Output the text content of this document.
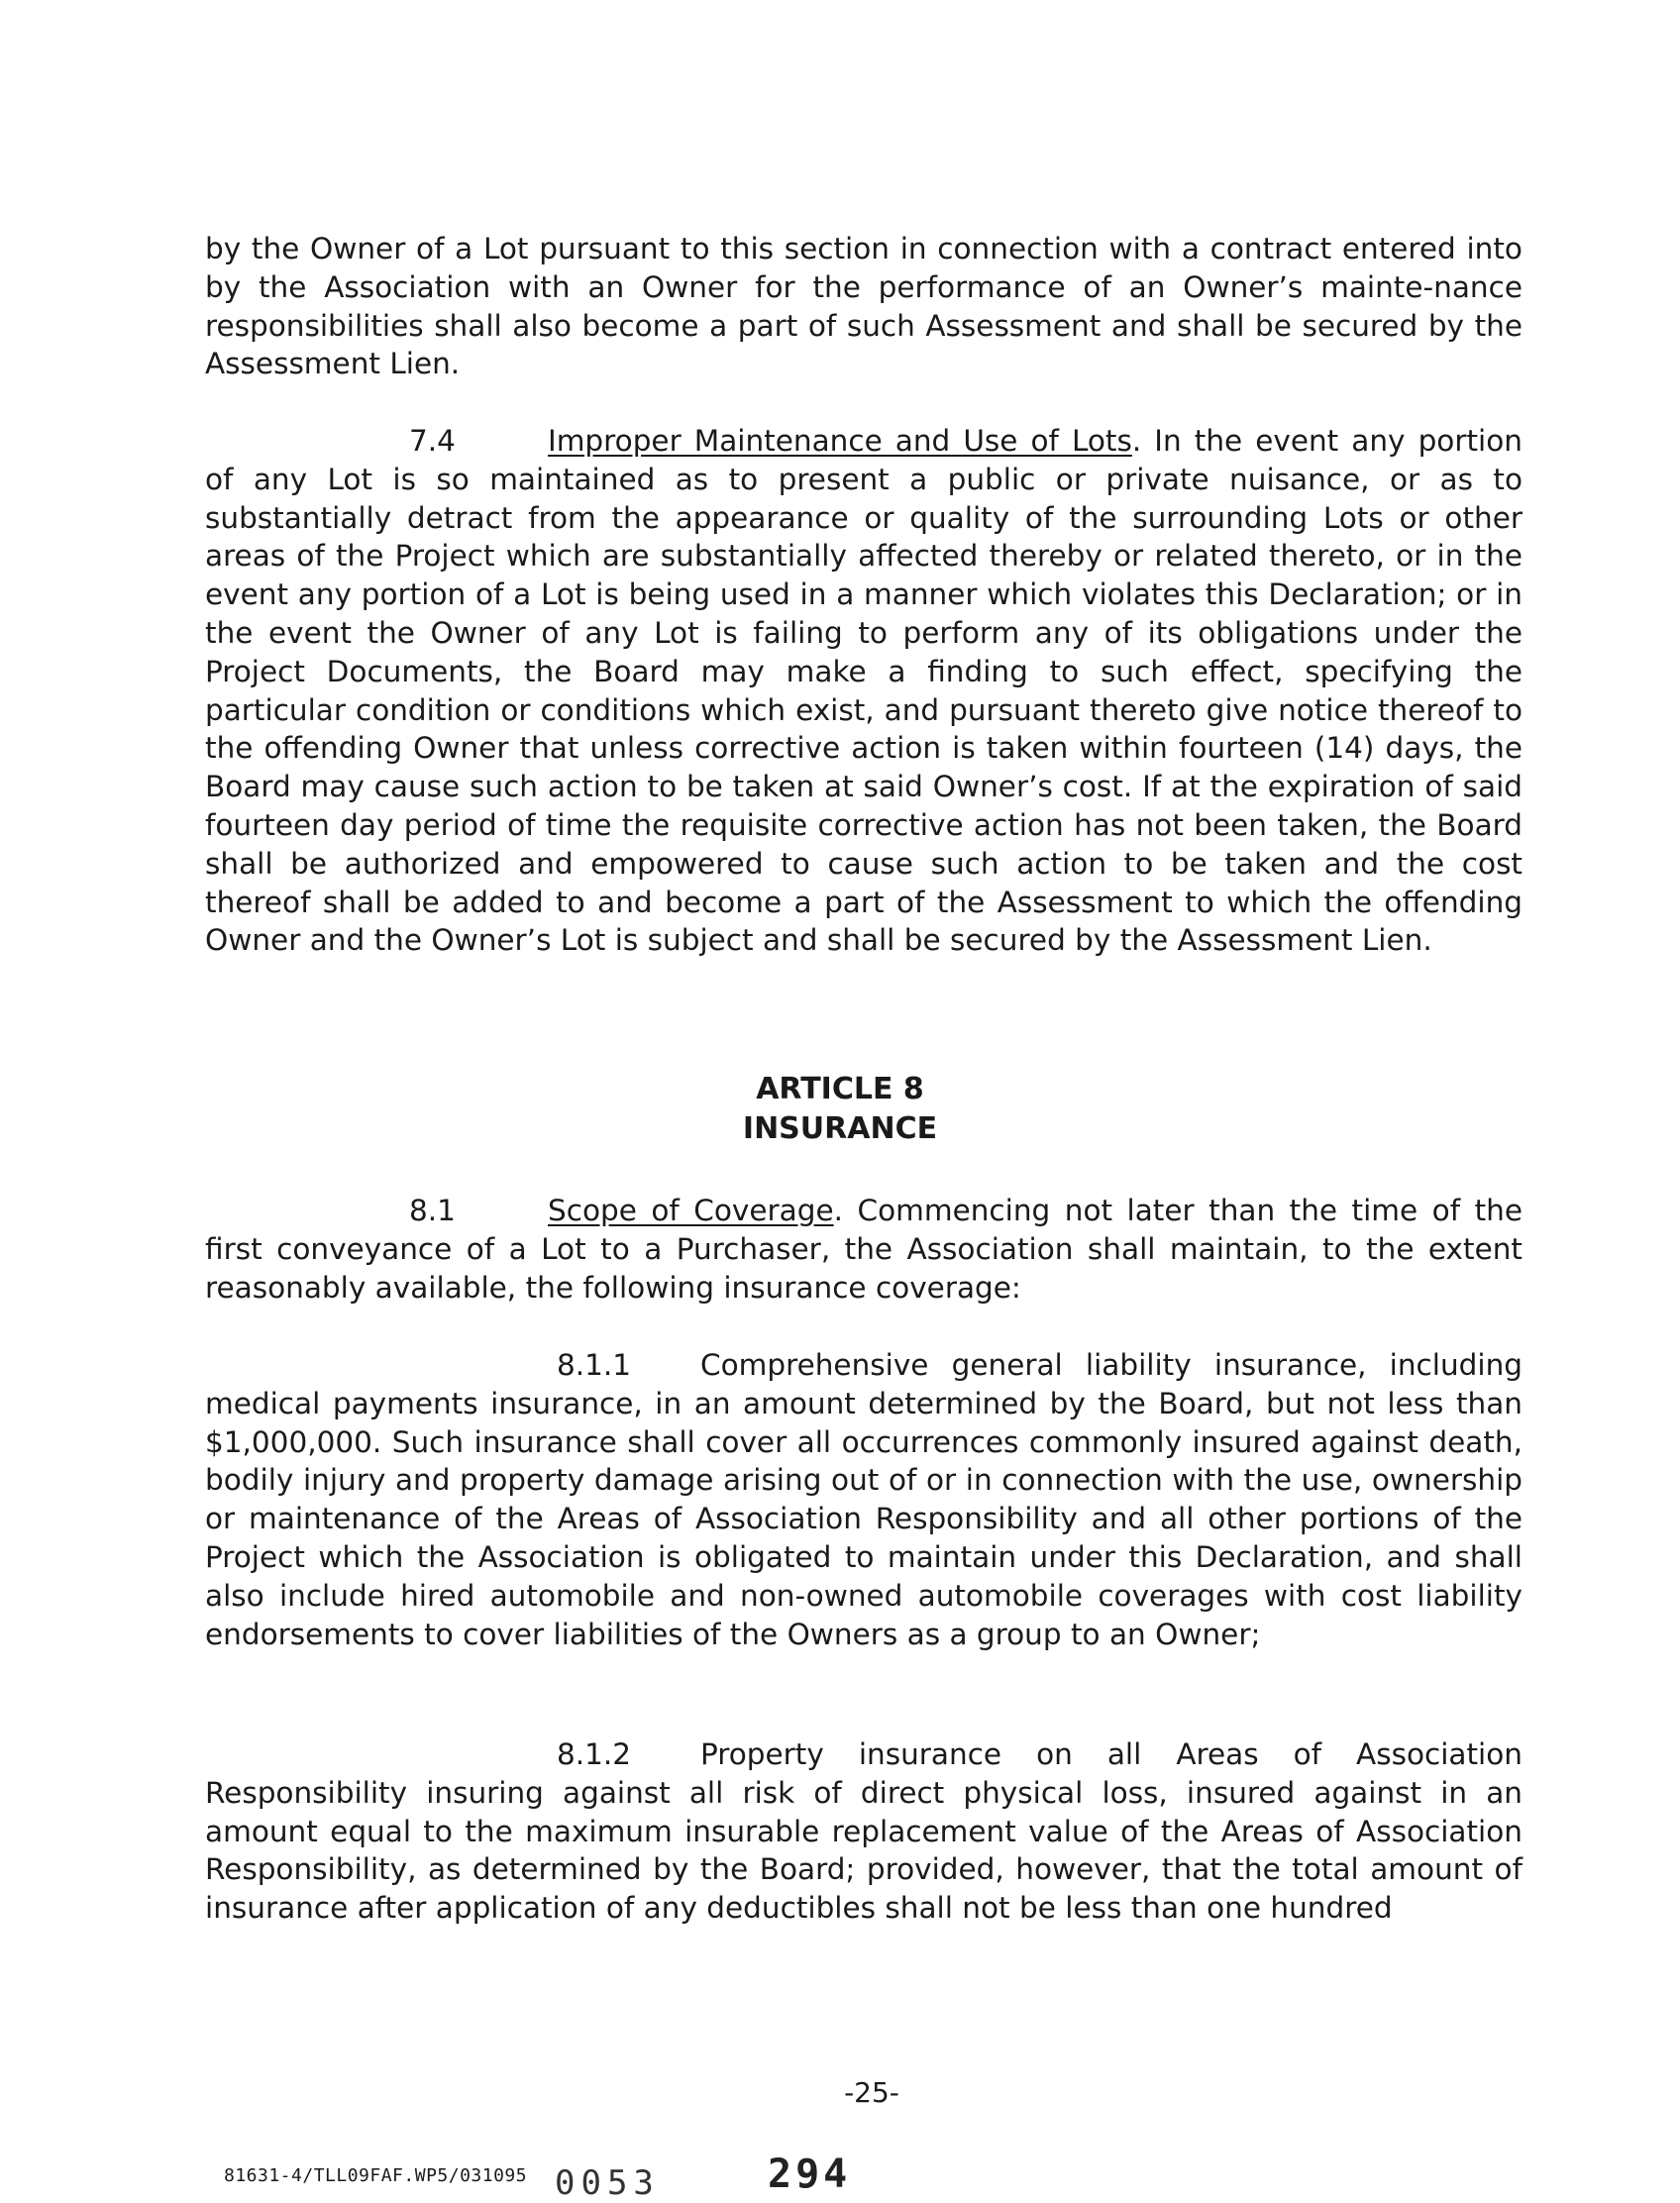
by the Owner of a Lot pursuant to this section in connection with a contract entered into by the Association with an Owner for the performance of an Owner’s mainte-nance responsibilities shall also become a part of such Assessment and shall be secured by the Assessment Lien.

7.4	Improper Maintenance and Use of Lots. In the event any portion of any Lot is so maintained as to present a public or private nuisance, or as to substantially detract from the appearance or quality of the surrounding Lots or other areas of the Project which are substantially affected thereby or related thereto, or in the event any portion of a Lot is being used in a manner which violates this Declaration; or in the event the Owner of any Lot is failing to perform any of its obligations under the Project Documents, the Board may make a finding to such effect, specifying the particular condition or conditions which exist, and pursuant thereto give notice thereof to the offending Owner that unless corrective action is taken within fourteen (14) days, the Board may cause such action to be taken at said Owner’s cost. If at the expiration of said fourteen day period of time the requisite corrective action has not been taken, the Board shall be authorized and empowered to cause such action to be taken and the cost thereof shall be added to and become a part of the Assessment to which the offending Owner and the Owner’s Lot is subject and shall be secured by the Assessment Lien.

ARTICLE 8
INSURANCE

8.1	Scope of Coverage. Commencing not later than the time of the first conveyance of a Lot to a Purchaser, the Association shall maintain, to the extent reasonably available, the following insurance coverage:

8.1.1 Comprehensive general liability insurance, including medical payments insurance, in an amount determined by the Board, but not less than $1,000,000. Such insurance shall cover all occurrences commonly insured against death, bodily injury and property damage arising out of or in connection with the use, ownership or maintenance of the Areas of Association Responsibility and all other portions of the Project which the Association is obligated to maintain under this Declaration, and shall also include hired automobile and non-owned automobile coverages with cost liability endorsements to cover liabilities of the Owners as a group to an Owner;

8.1.2 Property insurance on all Areas of Association Responsibility insuring against all risk of direct physical loss, insured against in an amount equal to the maximum insurable replacement value of the Areas of Association Responsibility, as determined by the Board; provided, however, that the total amount of insurance after application of any deductibles shall not be less than one hundred

-25-
81631-4/TLL09FAF.WP5/031095 0053	294
